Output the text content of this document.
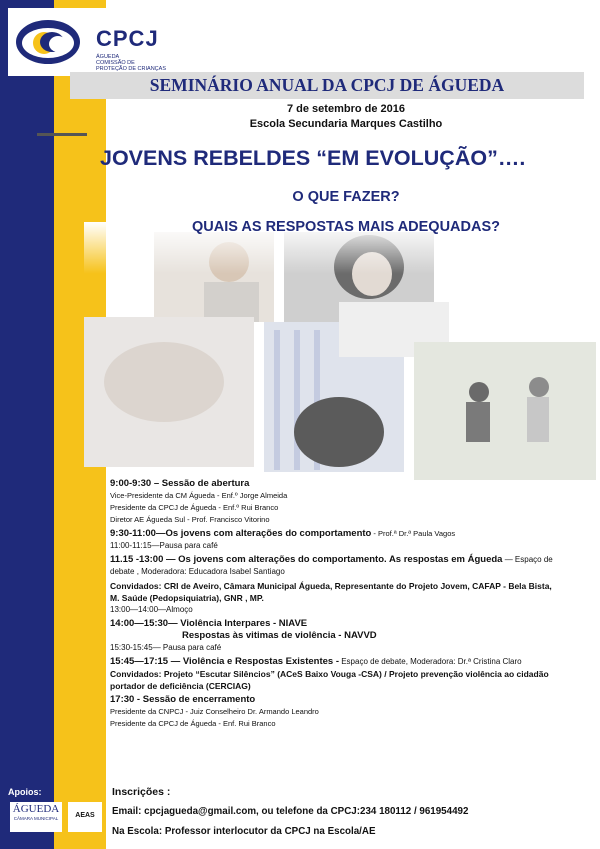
CPCJ
ÁGUEDA
COMISSÃO DE PROTEÇÃO DE CRIANÇAS
SEMINÁRIO ANUAL DA CPCJ DE ÁGUEDA
7 de setembro de 2016
Escola Secundaria Marques Castilho
JOVENS REBELDES “EM EVOLUÇÃO”….
O QUE FAZER?
QUAIS AS RESPOSTAS MAIS ADEQUADAS?
9:00-9:30 – Sessão de abertura
Vice-Presidente da CM Águeda - Enf.º Jorge Almeida
Presidente da CPCJ de Águeda - Enf.º Rui Branco
Diretor AE Águeda Sul - Prof. Francisco Vitorino
9:30-11:00—Os jovens com alterações do comportamento - Prof.ª Dr.ª Paula Vagos
11:00-11:15—Pausa para café
11.15 -13:00 — Os jovens com alterações do comportamento. As respostas em Águeda — Espaço de
debate , Moderadora: Educadora Isabel Santiago
Convidados: CRI de Aveiro, Câmara Municipal Águeda, Representante do Projeto Jovem, CAFAP - Bela Bista,
M. Saúde (Pedopsiquiatria), GNR , MP.
13:00—14:00—Almoço
14:00—15:30— Violência Interpares - NIAVE
Respostas às vitimas de violência - NAVVD
15:30-15:45— Pausa para café
15:45—17:15 — Violência e Respostas Existentes - Espaço de debate, Moderadora: Dr.ª Cristina Claro
Convidados: Projeto “Escutar Silêncios” (ACeS Baixo Vouga -CSA) / Projeto prevenção violência ao cidadão
portador de deficiência (CERCIAG)
17:30 - Sessão de encerramento
Presidente da CNPCJ - Juiz Conselheiro Dr. Armando Leandro
Presidente da CPCJ de Águeda - Enf. Rui Branco
Apoios:
ÁGUEDA
CÂMARA MUNICIPAL	AEAS
Inscrições :
Email: cpcjagueda@gmail.com, ou telefone da CPCJ:234 180112 / 961954492
Na Escola: Professor interlocutor da CPCJ na Escola/AE
